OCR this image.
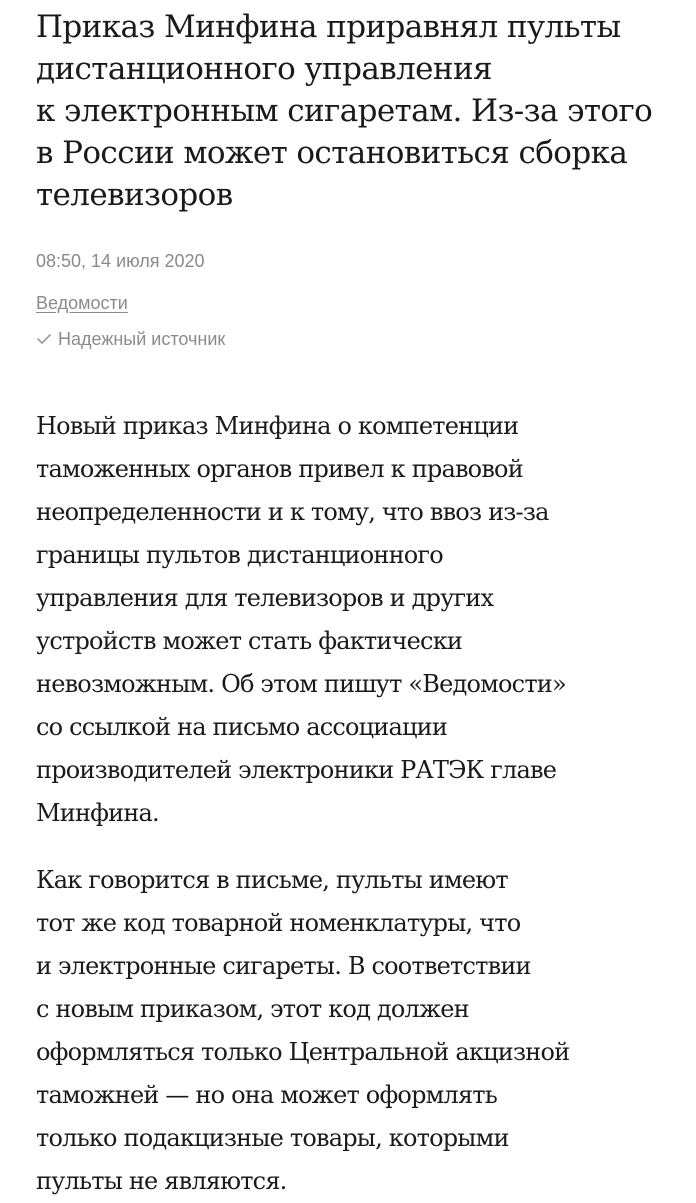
Приказ Минфина приравнял пульты
дистанционного управления
к электронным сигаретам. Из-за этого
в России может остановиться сборка
телевизоров
08:50, 14 июля 2020
Ведомости
Надежный источник

Новый приказ Минфина о компетенции
таможенных органов привел к правовой
неопределенности и к тому, что ввоз из-за
границы пультов дистанционного
управления для телевизоров и других
устройств может стать фактически
невозможным. Об этом пишут «Ведомости»
со ссылкой на письмо ассоциации
производителей электроники РАТЭК главе
Минфина.

Как говорится в письме, пульты имеют
тот же код товарной номенклатуры, что
и электронные сигареты. В соответствии
с новым приказом, этот код должен
оформляться только Центральной акцизной
таможней — но она может оформлять
только подакцизные товары, которыми
пульты не являются.
